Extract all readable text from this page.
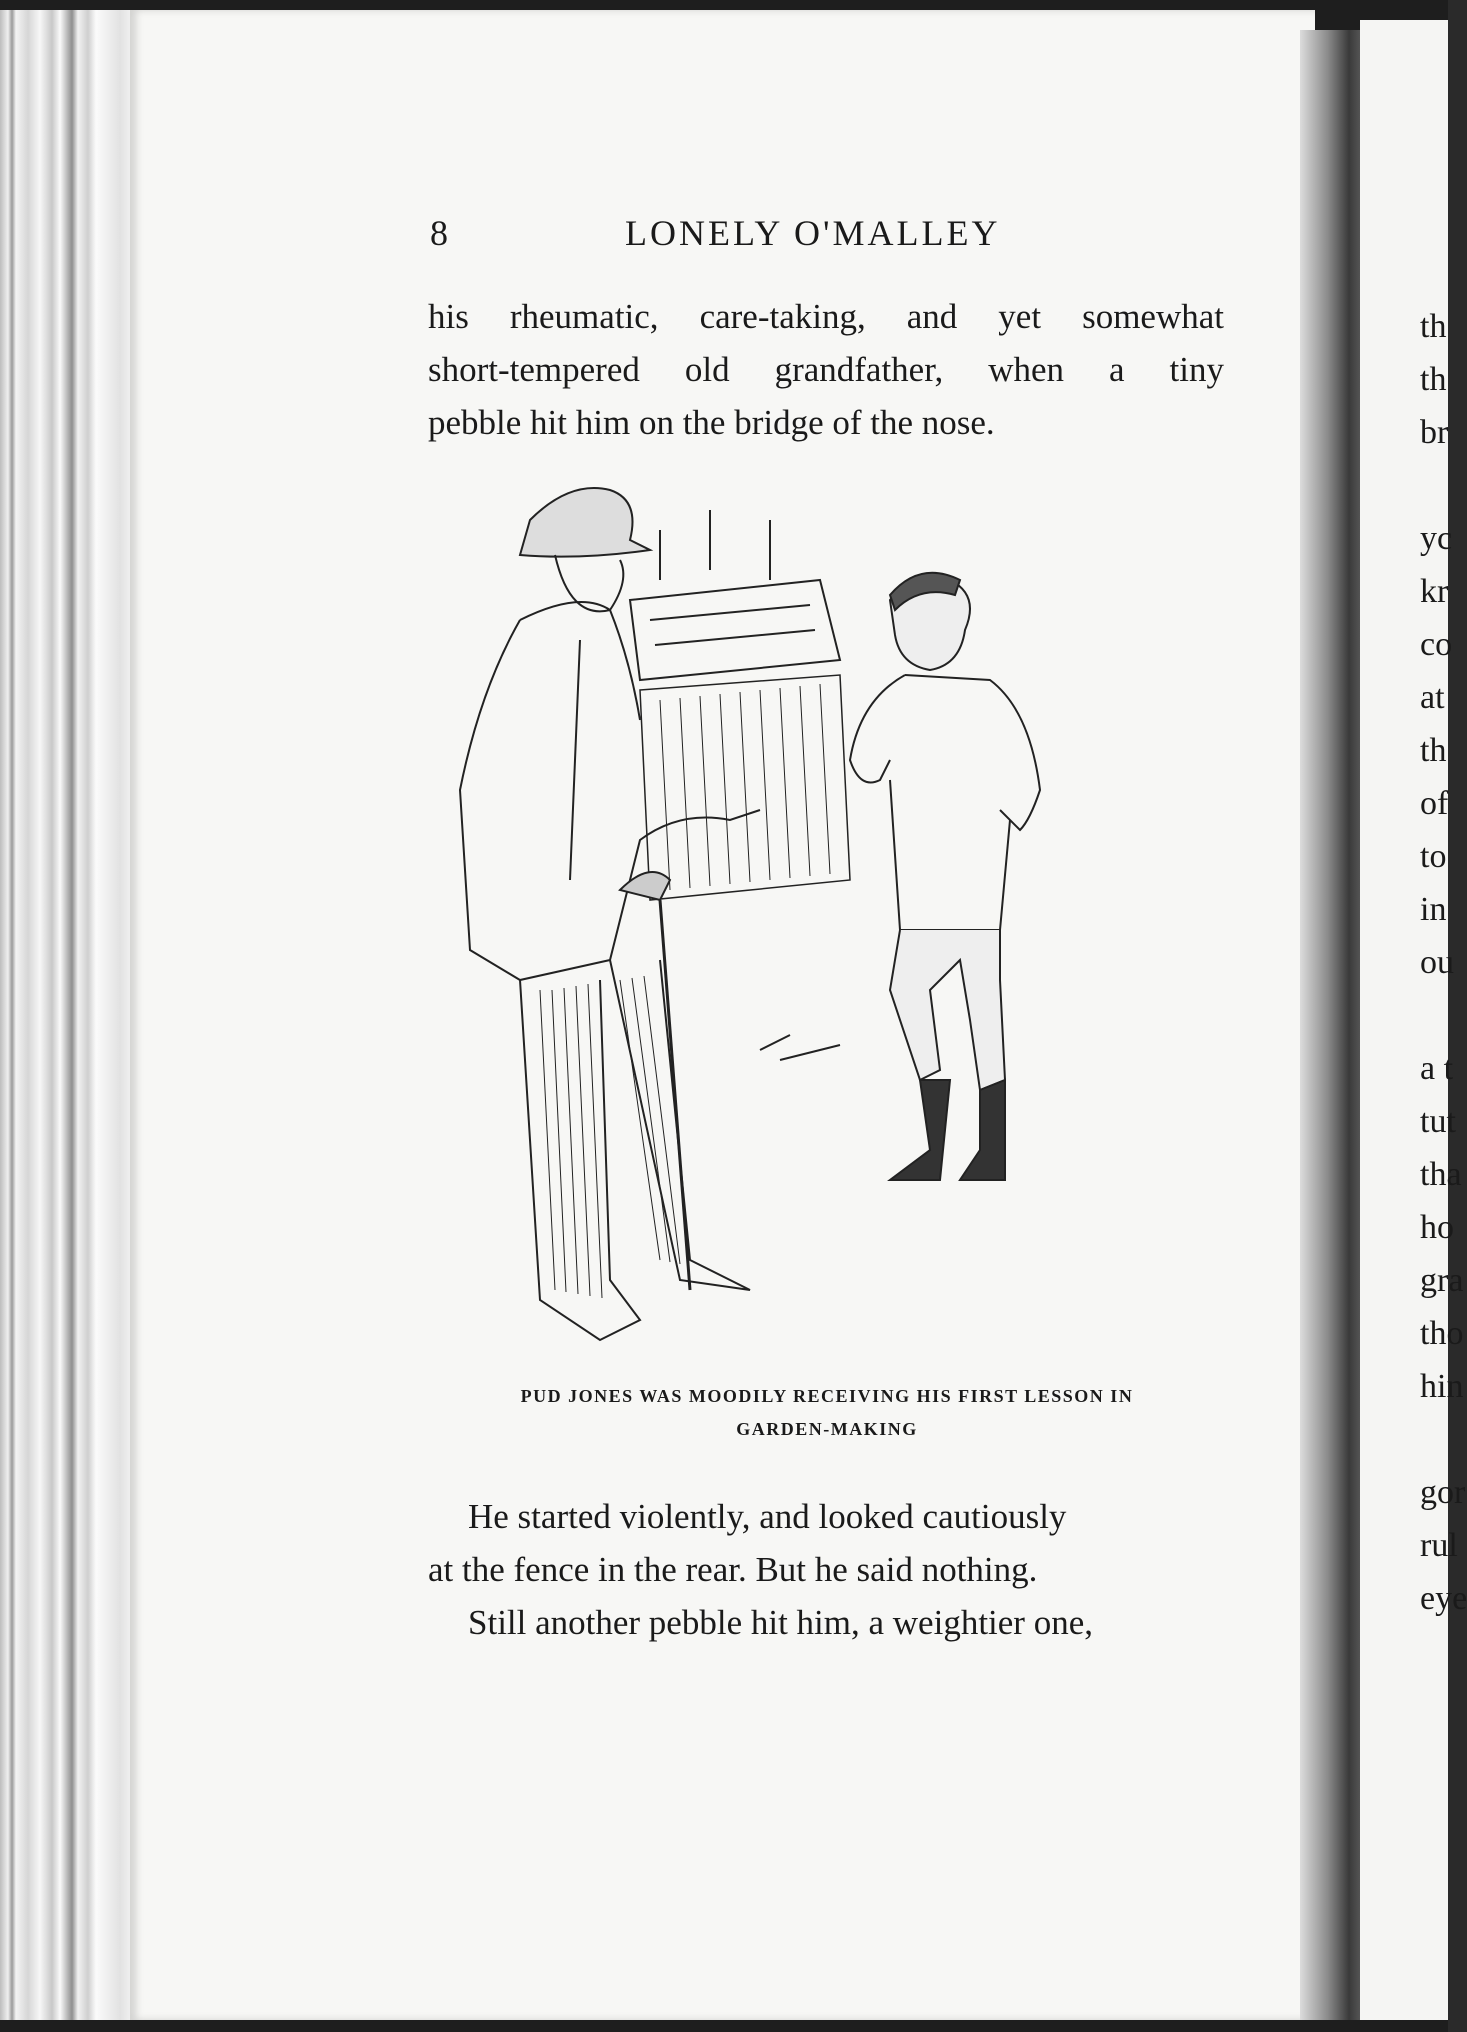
8	LONELY O'MALLEY
his rheumatic, care-taking, and yet somewhat
short-tempered old grandfather, when a tiny
pebble hit him on the bridge of the nose.
PUD JONES WAS MOODILY RECEIVING HIS FIRST LESSON IN
GARDEN-MAKING
He started violently, and looked cautiously
at the fence in the rear. But he said nothing.
Still another pebble hit him, a weightier one,
th
th
br
yc
kr
co
at
th
of
to
in
ou
a t
tut
tha
ho
gra
tho
hin
gor
rul
eye
